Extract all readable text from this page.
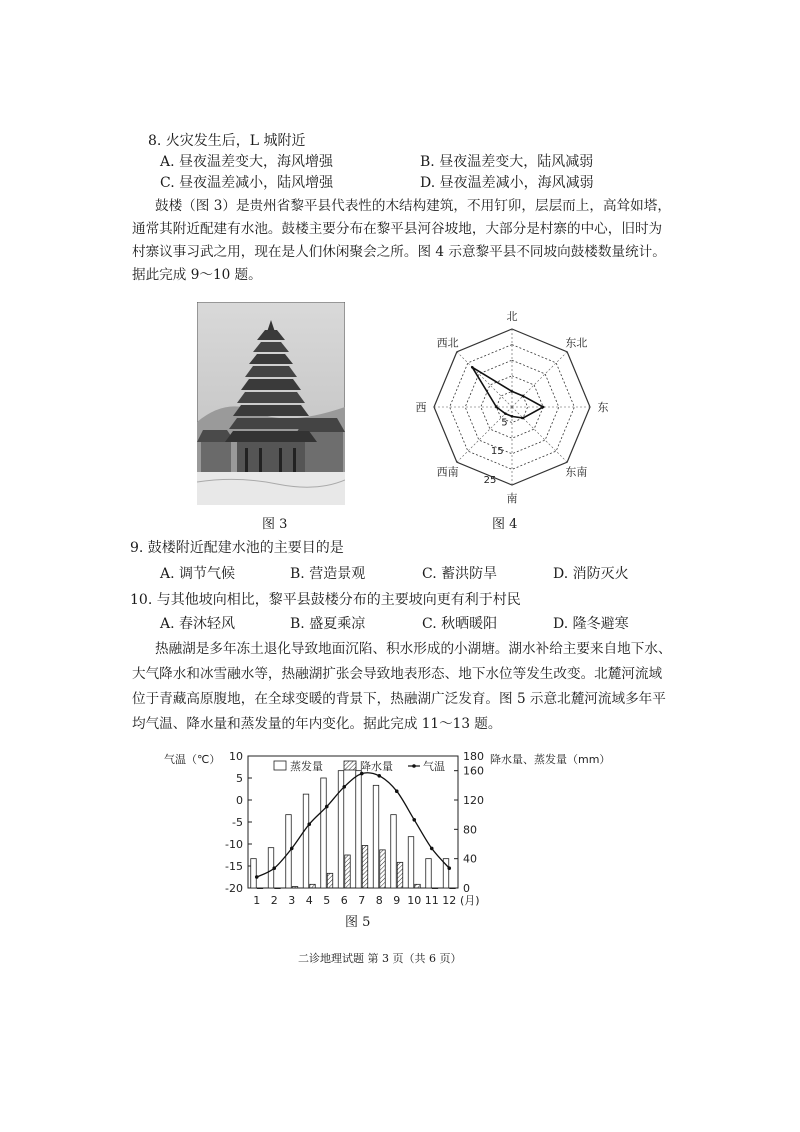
8. 火灾发生后，L 城附近
A. 昼夜温差变大，海风增强	B. 昼夜温差变大，陆风减弱
C. 昼夜温差减小，陆风增强	D. 昼夜温差减小，海风减弱
鼓楼（图 3）是贵州省黎平县代表性的木结构建筑，不用钉卯，层层而上，高耸如塔，
通常其附近配建有水池。鼓楼主要分布在黎平县河谷坡地，大部分是村寨的中心，旧时为
村寨议事习武之用，现在是人们休闲聚会之所。图 4 示意黎平县不同坡向鼓楼数量统计。
据此完成 9～10 题。
图 3
北
东北
东
东南
南
西南
西
西北
5
15
25
图 4
9. 鼓楼附近配建水池的主要目的是
A. 调节气候	B. 营造景观	C. 蓄洪防旱	D. 消防灭火
10. 与其他坡向相比，黎平县鼓楼分布的主要坡向更有利于村民
A. 春沐轻风	B. 盛夏乘凉	C. 秋晒暖阳	D. 隆冬避寒
热融湖是多年冻土退化导致地面沉陷、积水形成的小湖塘。湖水补给主要来自地下水、
大气降水和冰雪融水等，热融湖扩张会导致地表形态、地下水位等发生改变。北麓河流域
位于青藏高原腹地，在全球变暖的背景下，热融湖广泛发育。图 5 示意北麓河流域多年平
均气温、降水量和蒸发量的年内变化。据此完成 11～13 题。
气温（℃）	降水量、蒸发量（mm）
10
5
0
-5
-10
-15
-20
180
160
120
80
40
0
1 2 3 4 5 6 7 8 9 10 11 12 (月)
蒸发量	降水量	气温
图 5
二诊地理试题 第 3 页（共 6 页）
